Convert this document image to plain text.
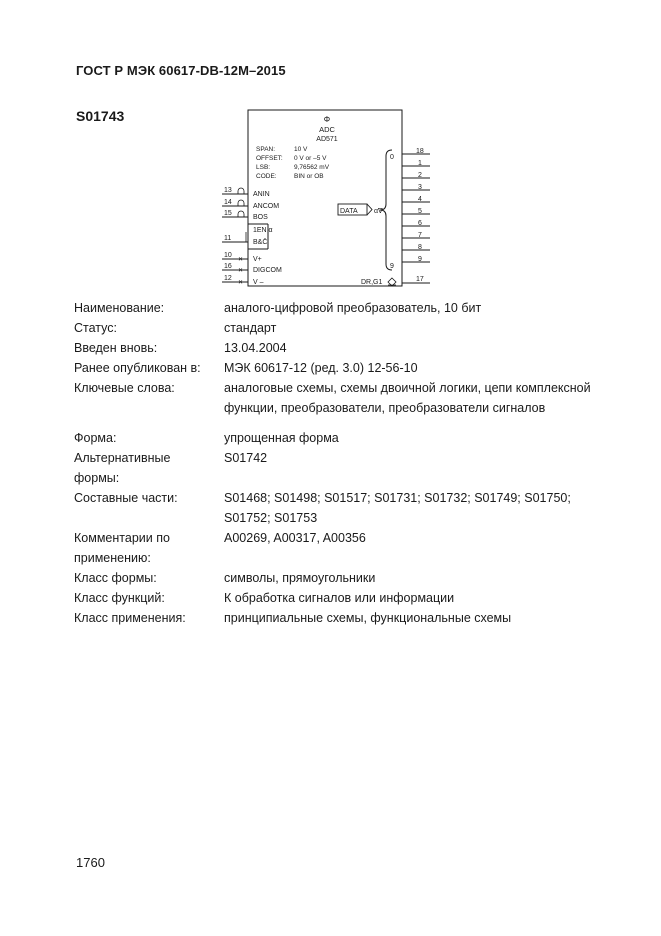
ГОСТ Р МЭК 60617-DB-12M–2015
S01743	Φ
ADC
AD571
SPAN:	10 V
OFFSET: 0 V or –5 V
LSB:	9,76562 mV
CODE:	BIN or OB
13
ANIN
14
ANCOM
15
BOS
1EN α
11
B&C̄
10
✕ V+
16
✕ DIGCOM
12
✕ V –
DATA α∇
0
9
18
1
2
3
4
5
6
7
8
9
DR,G1	17
Наименование:	аналого-цифровой преобразователь, 10 бит
Статус:	стандарт
Введен вновь:	13.04.2004
Ранее опубликован в:	МЭК 60617-12 (ред. 3.0) 12-56-10
Ключевые слова:	аналоговые схемы, схемы двоичной логики, цепи комплексной
функции, преобразователи, преобразователи сигналов

Форма:	упрощенная форма

Альтернативные
формы:	S01742
Составные части:	S01468; S01498; S01517; S01731; S01732; S01749; S01750;
S01752; S01753

Комментарии по
применению:	A00269, A00317, A00356
Класс формы:	символы, прямоугольники
Класс функций:	К обработка сигналов или информации
Класс применения:	принципиальные схемы, функциональные схемы
1760
